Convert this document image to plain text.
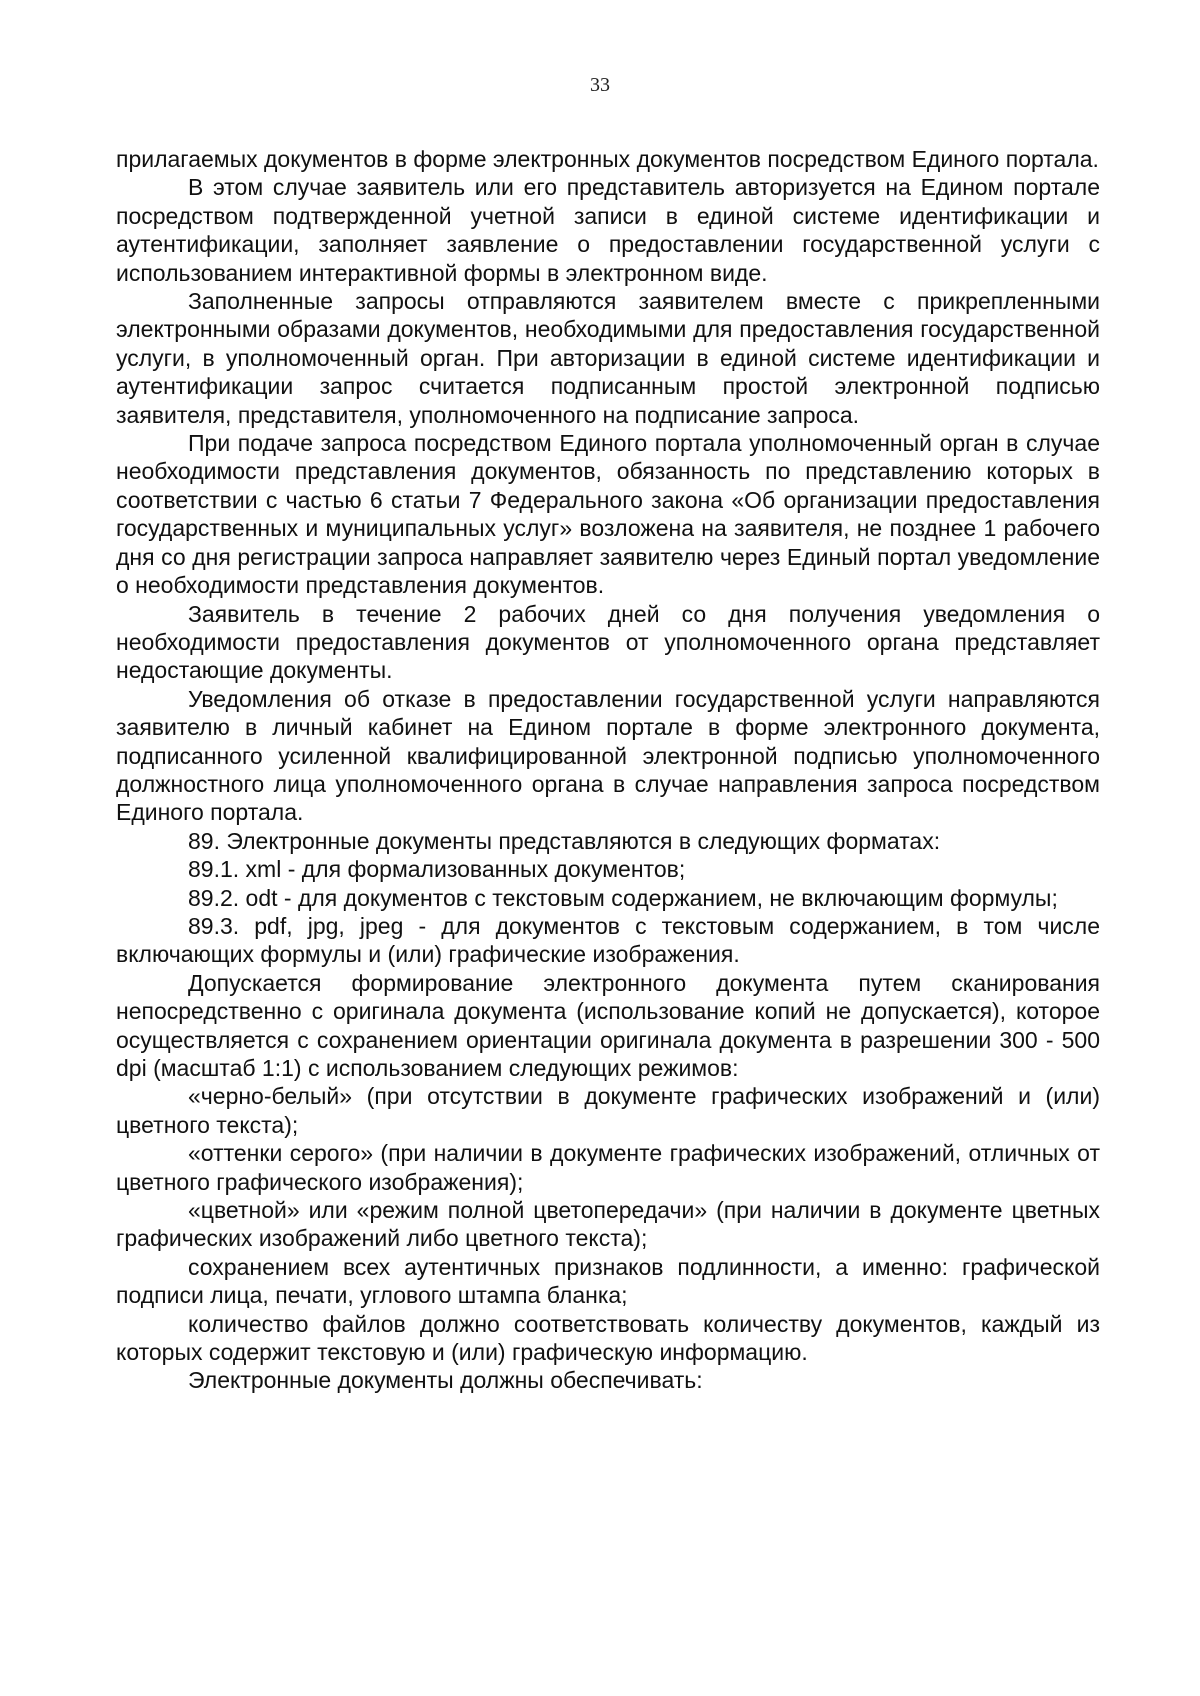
33

прилагаемых документов в форме электронных документов посредством Единого портала.

В этом случае заявитель или его представитель авторизуется на Едином портале посредством подтвержденной учетной записи в единой системе идентификации и аутентификации, заполняет заявление о предоставлении государственной услуги с использованием интерактивной формы в электронном виде.

Заполненные запросы отправляются заявителем вместе с прикрепленными электронными образами документов, необходимыми для предоставления государственной услуги, в уполномоченный орган. При авторизации в единой системе идентификации и аутентификации запрос считается подписанным простой электронной подписью заявителя, представителя, уполномоченного на подписание запроса.

При подаче запроса посредством Единого портала уполномоченный орган в случае необходимости представления документов, обязанность по представлению которых в соответствии с частью 6 статьи 7 Федерального закона «Об организации предоставления государственных и муниципальных услуг» возложена на заявителя, не позднее 1 рабочего дня со дня регистрации запроса направляет заявителю через Единый портал уведомление о необходимости представления документов.

Заявитель в течение 2 рабочих дней со дня получения уведомления о необходимости предоставления документов от уполномоченного органа представляет недостающие документы.

Уведомления об отказе в предоставлении государственной услуги направляются заявителю в личный кабинет на Едином портале в форме электронного документа, подписанного усиленной квалифицированной электронной подписью уполномоченного должностного лица уполномоченного органа в случае направления запроса посредством Единого портала.

89. Электронные документы представляются в следующих форматах:

89.1. xml - для формализованных документов;

89.2. odt - для документов с текстовым содержанием, не включающим формулы;

89.3. pdf, jpg, jpeg - для документов с текстовым содержанием, в том числе включающих формулы и (или) графические изображения.

Допускается формирование электронного документа путем сканирования непосредственно с оригинала документа (использование копий не допускается), которое осуществляется с сохранением ориентации оригинала документа в разрешении 300 - 500 dpi (масштаб 1:1) с использованием следующих режимов:

«черно-белый» (при отсутствии в документе графических изображений и (или) цветного текста);

«оттенки серого» (при наличии в документе графических изображений, отличных от цветного графического изображения);

«цветной» или «режим полной цветопередачи» (при наличии в документе цветных графических изображений либо цветного текста);

сохранением всех аутентичных признаков подлинности, а именно: графической подписи лица, печати, углового штампа бланка;

количество файлов должно соответствовать количеству документов, каждый из которых содержит текстовую и (или) графическую информацию.

Электронные документы должны обеспечивать:
